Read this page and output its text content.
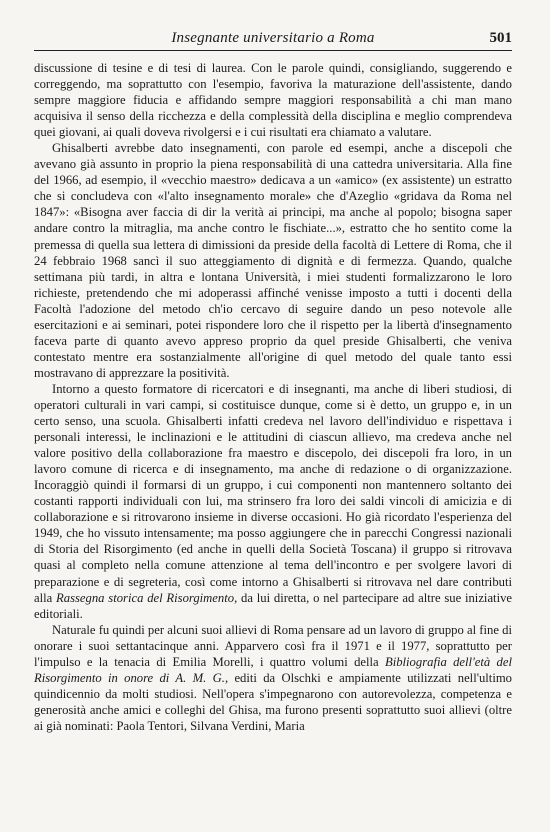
Insegnante universitario a Roma	501

discussione di tesine e di tesi di laurea. Con le parole quindi, consigliando, suggerendo e correggendo, ma soprattutto con l'esempio, favoriva la maturazione dell'assistente, dando sempre maggiore fiducia e affidando sempre maggiori responsabilità a chi man mano acquisiva il senso della ricchezza e della complessità della disciplina e meglio comprendeva quei giovani, ai quali doveva rivolgersi e i cui risultati era chiamato a valutare.

Ghisalberti avrebbe dato insegnamenti, con parole ed esempi, anche a discepoli che avevano già assunto in proprio la piena responsabilità di una cattedra universitaria. Alla fine del 1966, ad esempio, il «vecchio maestro» dedicava a un «amico» (ex assistente) un estratto che si concludeva con «l'alto insegnamento morale» che d'Azeglio «gridava da Roma nel 1847»: «Bisogna aver faccia di dir la verità ai principi, ma anche al popolo; bisogna saper andare contro la mitraglia, ma anche contro le fischiate...», estratto che ho sentito come la premessa di quella sua lettera di dimissioni da preside della facoltà di Lettere di Roma, che il 24 febbraio 1968 sancì il suo atteggiamento di dignità e di fermezza. Quando, qualche settimana più tardi, in altra e lontana Università, i miei studenti formalizzarono le loro richieste, pretendendo che mi adoperassi affinché venisse imposto a tutti i docenti della Facoltà l'adozione del metodo ch'io cercavo di seguire dando un peso notevole alle esercitazioni e ai seminari, potei rispondere loro che il rispetto per la libertà d'insegnamento faceva parte di quanto avevo appreso proprio da quel preside Ghisalberti, che veniva contestato mentre era sostanzialmente all'origine di quel metodo del quale tanto essi mostravano di apprezzare la positività.

Intorno a questo formatore di ricercatori e di insegnanti, ma anche di liberi studiosi, di operatori culturali in vari campi, si costituisce dunque, come si è detto, un gruppo e, in un certo senso, una scuola. Ghisalberti infatti credeva nel lavoro dell'individuo e rispettava i personali interessi, le inclinazioni e le attitudini di ciascun allievo, ma credeva anche nel valore positivo della collaborazione fra maestro e discepolo, dei discepoli fra loro, in un lavoro comune di ricerca e di insegnamento, ma anche di redazione o di organizzazione. Incoraggiò quindi il formarsi di un gruppo, i cui componenti non mantennero soltanto dei costanti rapporti individuali con lui, ma strinsero fra loro dei saldi vincoli di amicizia e di collaborazione e si ritrovarono insieme in diverse occasioni. Ho già ricordato l'esperienza del 1949, che ho vissuto intensamente; ma posso aggiungere che in parecchi Congressi nazionali di Storia del Risorgimento (ed anche in quelli della Società Toscana) il gruppo si ritrovava quasi al completo nella comune attenzione al tema dell'incontro e per svolgere lavori di preparazione e di segreteria, così come intorno a Ghisalberti si ritrovava nel dare contributi alla Rassegna storica del Risorgimento, da lui diretta, o nel partecipare ad altre sue iniziative editoriali.

Naturale fu quindi per alcuni suoi allievi di Roma pensare ad un lavoro di gruppo al fine di onorare i suoi settantacinque anni. Apparvero così fra il 1971 e il 1977, soprattutto per l'impulso e la tenacia di Emilia Morelli, i quattro volumi della Bibliografia dell'età del Risorgimento in onore di A. M. G., editi da Olschki e ampiamente utilizzati nell'ultimo quindicennio da molti studiosi. Nell'opera s'impegnarono con autorevolezza, competenza e generosità anche amici e colleghi del Ghisa, ma furono presenti soprattutto suoi allievi (oltre ai già nominati: Paola Tentori, Silvana Verdini, Maria
